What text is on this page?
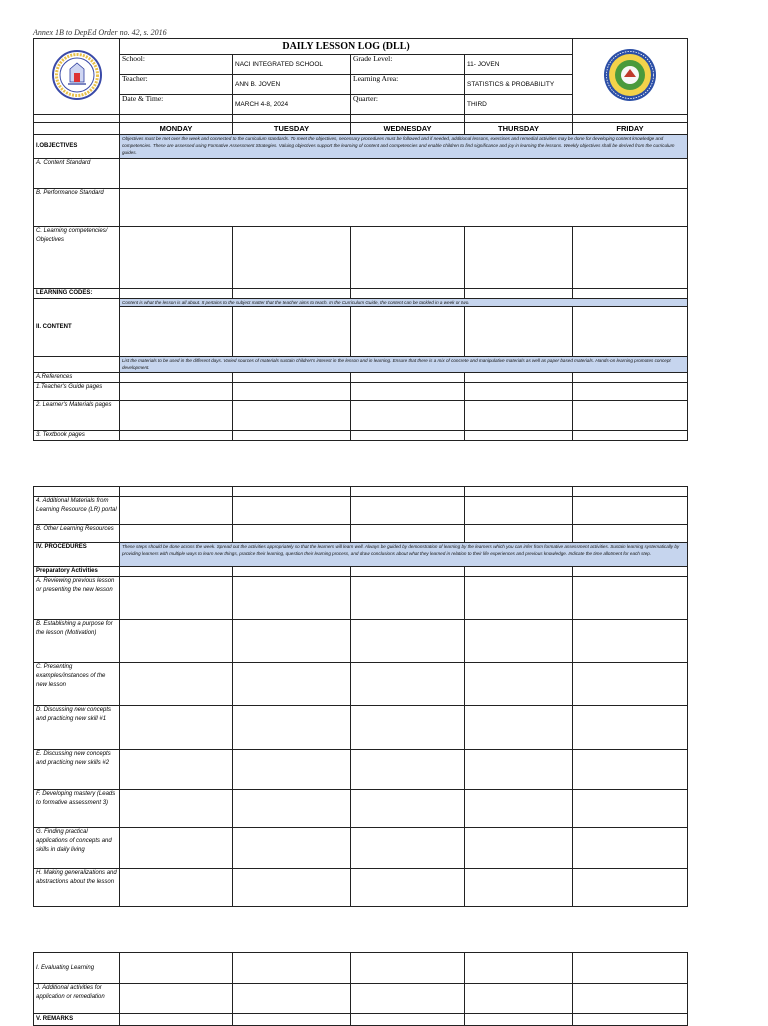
Annex 1B to DepEd Order no. 42, s. 2016
	DAILY LESSON LOG (DLL)	
	School:	NACI INTEGRATED SCHOOL	Grade Level:	11- JOVEN	
	Teacher:	ANN B. JOVEN	Learning Area:	STATISTICS & PROBABILITY	
	Date & Time:	MARCH 4-8, 2024	Quarter:	THIRD	

	MONDAY	TUESDAY	WEDNESDAY	THURSDAY	FRIDAY
I.OBJECTIVES	Objectives must be met over the week and connected to the curriculum standards. To meet the objectives, necessary procedures must be followed and if needed, additional lessons, exercises and remedial activities may be done for developing content knowledge and competencies. These are assessed using Formative Assessment Strategies. Valuing objectives support the learning of content and competencies and enable children to find significance and joy in learning the lessons. Weekly objectives shall be derived from the curriculum guides.				
A. Content Standard					
B. Performance Standard					
C. Learning competencies/ Objectives					
LEARNING CODES:					
II. CONTENT	Content is what the lesson is all about. It pertains to the subject matter that the teacher aims to teach. In the Curriculum Guide, the content can be tackled in a week or two.				

	List the materials to be used in the different days. Varied sources of materials sustain children's interest in the lesson and in learning. Ensure that there is a mix of concrete and manipulative materials as well as paper based materials. Hands-on learning promotes concept development.				
A.References					
1.Teacher's Guide pages					
2. Learner's Materials pages					
3. Textbook pages					

4. Additional Materials from Learning Resource (LR) portal					
B. Other Learning Resources					
IV. PROCEDURES	These steps should be done across the week. Spread out the activities appropriately so that the learners will learn well. Always be guided by demonstration of learning by the learners which you can infer from formative assessment activities. Sustain learning systematically by providing learners with multiple ways to learn new things, practice their learning, question their learning process, and draw conclusions about what they learned in relation to their life experiences and previous knowledge. Indicate the time allotment for each step.				
Preparatory Activities					
A. Reviewing previous lesson or presenting the new lesson					
B. Establishing a purpose for the lesson (Motivation)					
C. Presenting examples/instances of the new lesson					
D. Discussing new concepts and practicing new skill #1					
E. Discussing new concepts and practicing new skills #2					
F. Developing mastery (Leads to formative assessment 3)					
G. Finding practical applications of concepts and skills in daily living					
H. Making generalizations and abstractions about the lesson					
I. Evaluating Learning					
J. Additional activities for application or remediation					
V. REMARKS					
